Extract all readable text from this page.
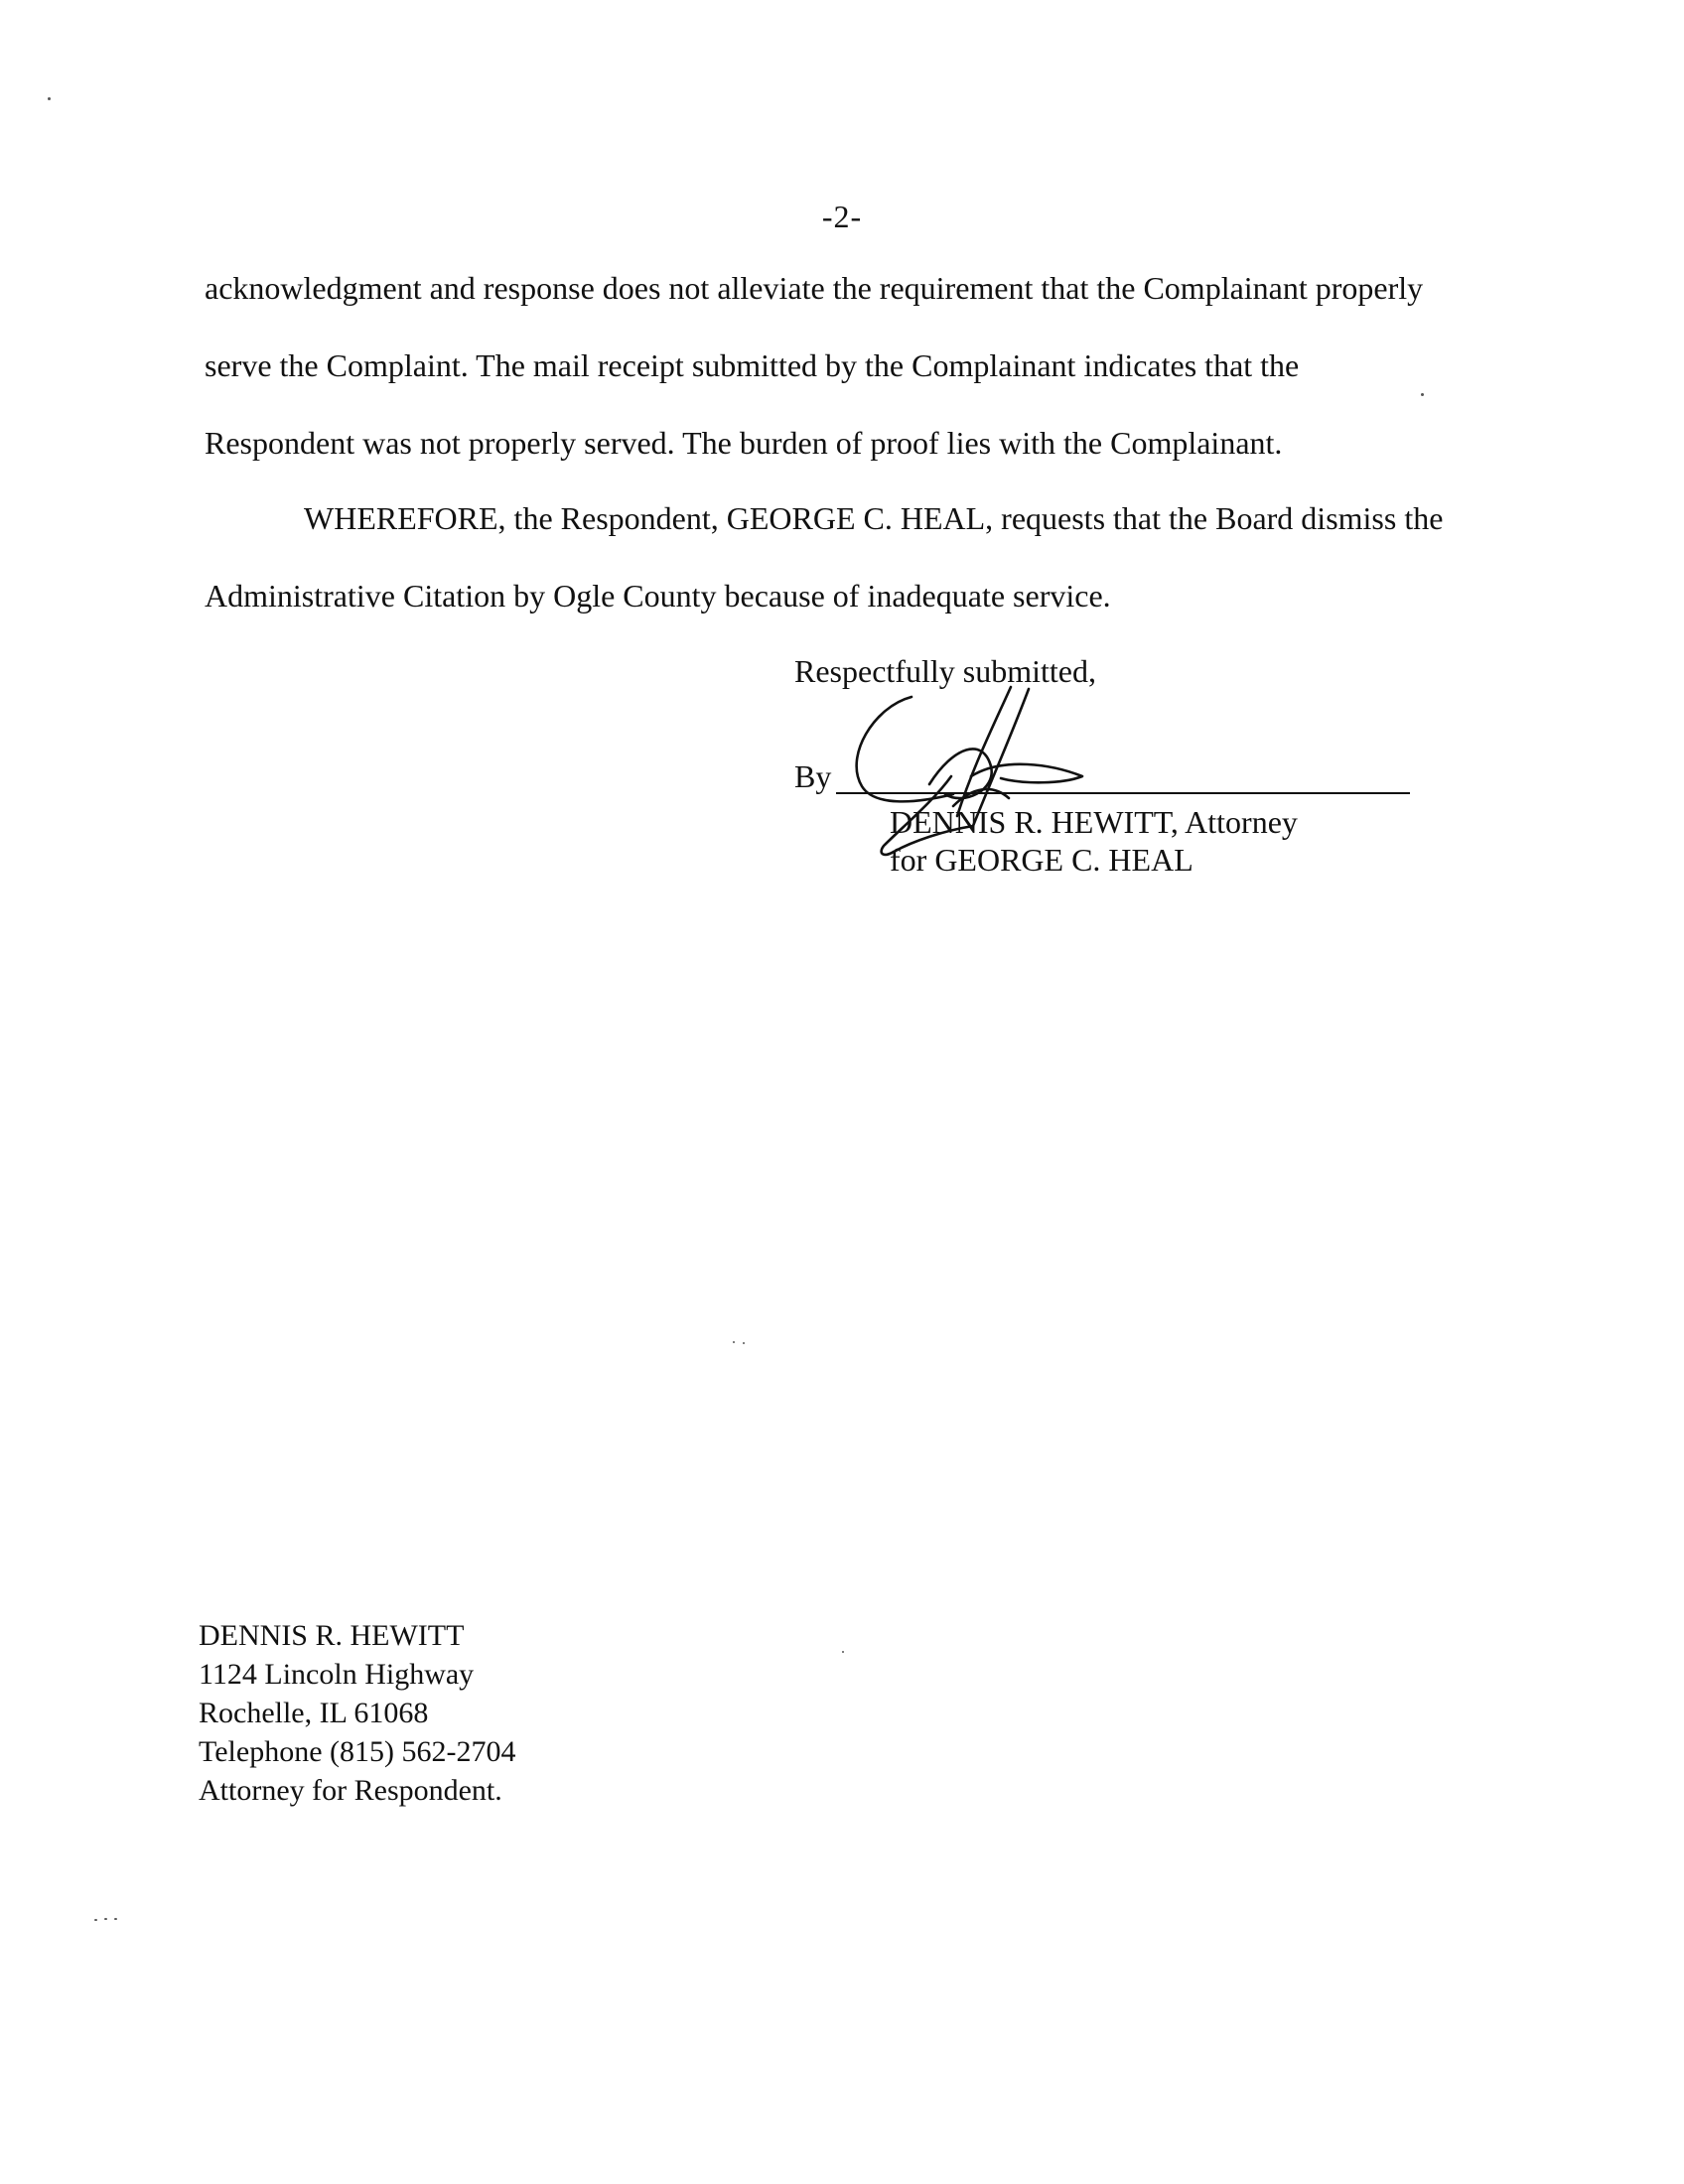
-2-
acknowledgment and response does not alleviate the requirement that the Complainant properly
serve the Complaint. The mail receipt submitted by the Complainant indicates that the
Respondent was not properly served. The burden of proof lies with the Complainant.
WHEREFORE, the Respondent, GEORGE C. HEAL, requests that the Board dismiss the
Administrative Citation by Ogle County because of inadequate service.
Respectfully submitted,
By
DENNIS R. HEWITT, Attorney
for GEORGE C. HEAL
DENNIS R. HEWITT
1124 Lincoln Highway
Rochelle, IL 61068
Telephone (815) 562-2704
Attorney for Respondent.
